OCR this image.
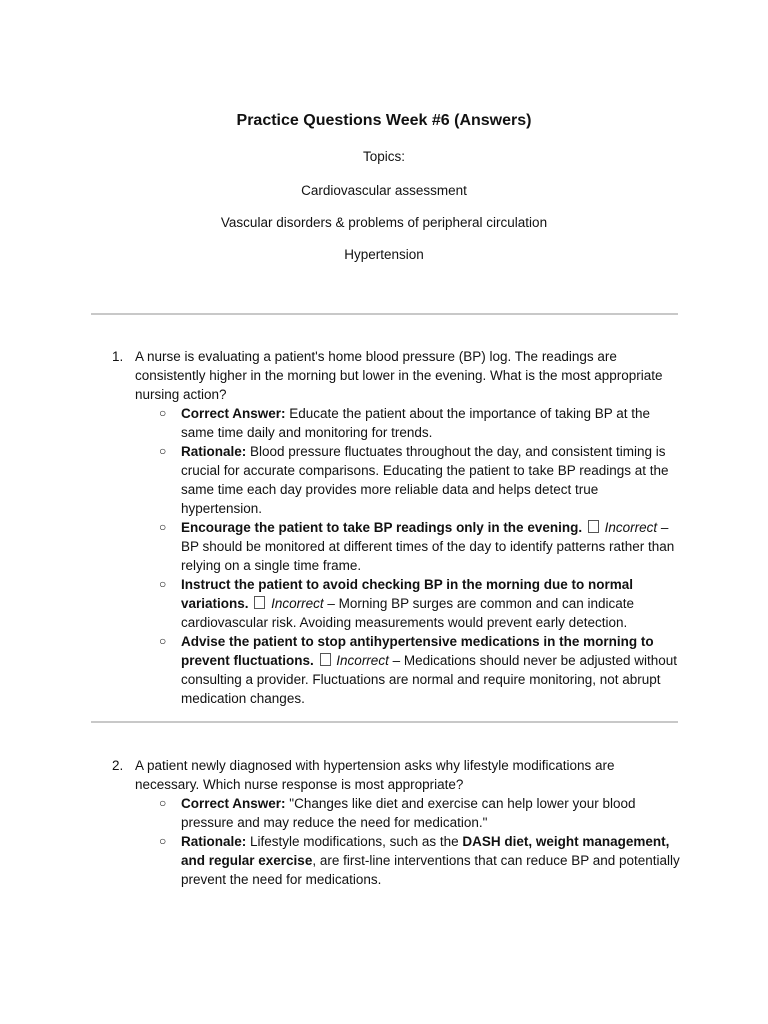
Practice Questions Week #6 (Answers)
Topics:
Cardiovascular assessment
Vascular disorders & problems of peripheral circulation
Hypertension
1. A nurse is evaluating a patient's home blood pressure (BP) log. The readings are consistently higher in the morning but lower in the evening. What is the most appropriate nursing action?
○ Correct Answer: Educate the patient about the importance of taking BP at the same time daily and monitoring for trends.
○ Rationale: Blood pressure fluctuates throughout the day, and consistent timing is crucial for accurate comparisons. Educating the patient to take BP readings at the same time each day provides more reliable data and helps detect true hypertension.
○ Encourage the patient to take BP readings only in the evening. Incorrect – BP should be monitored at different times of the day to identify patterns rather than relying on a single time frame.
○ Instruct the patient to avoid checking BP in the morning due to normal variations. Incorrect – Morning BP surges are common and can indicate cardiovascular risk. Avoiding measurements would prevent early detection.
○ Advise the patient to stop antihypertensive medications in the morning to prevent fluctuations. Incorrect – Medications should never be adjusted without consulting a provider. Fluctuations are normal and require monitoring, not abrupt medication changes.
2. A patient newly diagnosed with hypertension asks why lifestyle modifications are necessary. Which nurse response is most appropriate?
○ Correct Answer: "Changes like diet and exercise can help lower your blood pressure and may reduce the need for medication."
○ Rationale: Lifestyle modifications, such as the DASH diet, weight management, and regular exercise, are first-line interventions that can reduce BP and potentially prevent the need for medications.
